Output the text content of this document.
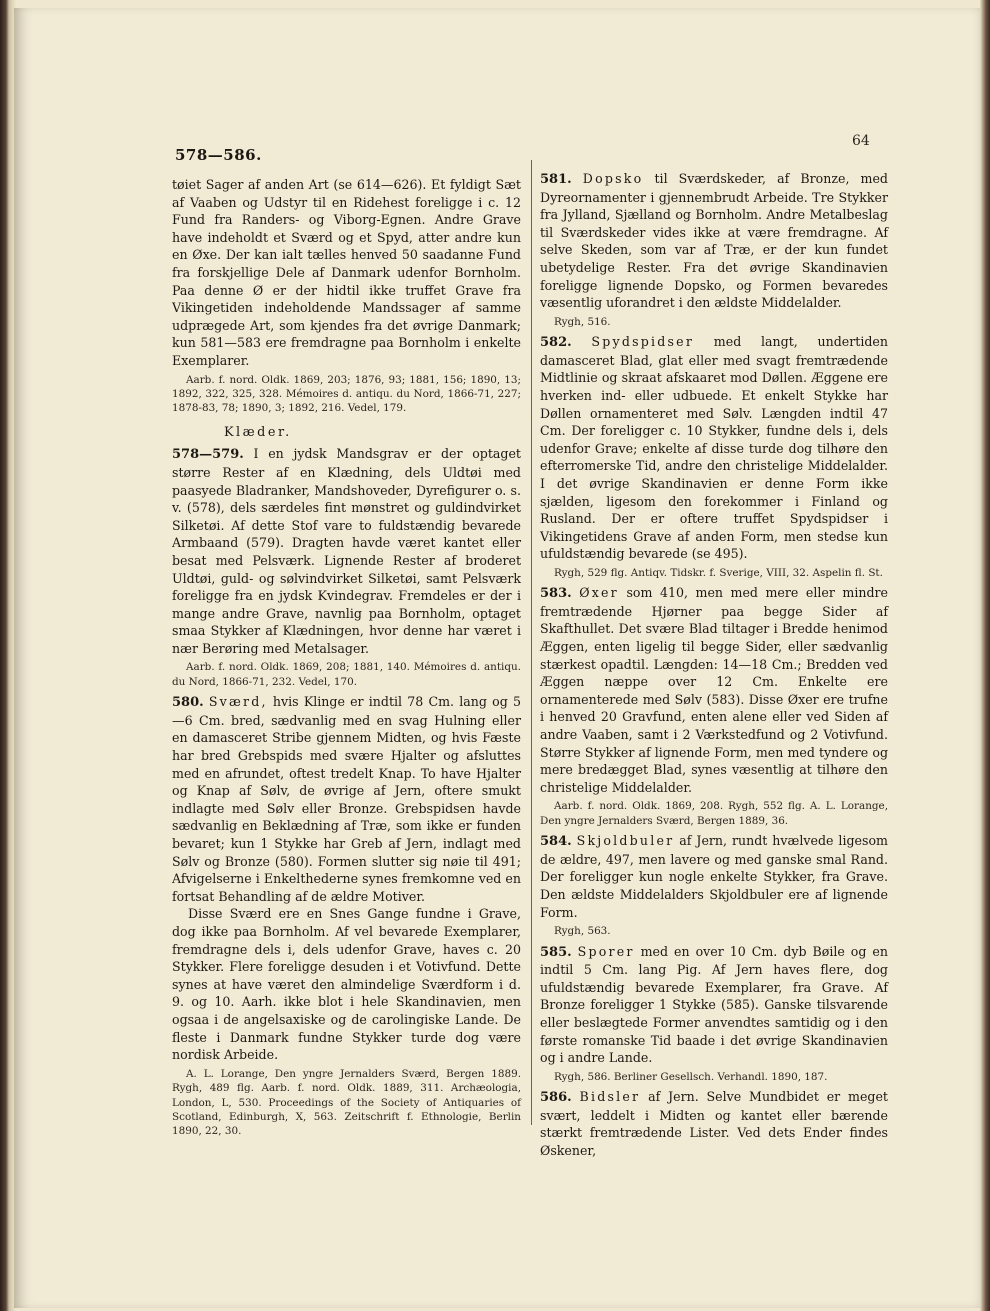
578—586.
64

tøiet Sager af anden Art (se 614—626). Et fyldigt Sæt af Vaaben og Udstyr til en Ridehest foreligge i c. 12 Fund fra Randers- og Viborg-Egnen. Andre Grave have indeholdt et Sværd og et Spyd, atter andre kun en Øxe. Der kan ialt tælles henved 50 saadanne Fund fra forskjellige Dele af Danmark udenfor Bornholm. Paa denne Ø er der hidtil ikke truffet Grave fra Vikingetiden indeholdende Mandssager af samme udprægede Art, som kjendes fra det øvrige Danmark; kun 581—583 ere fremdragne paa Bornholm i enkelte Exemplarer.

Aarb. f. nord. Oldk. 1869, 203; 1876, 93; 1881, 156; 1890, 13; 1892, 322, 325, 328. Mémoires d. antiqu. du Nord, 1866-71, 227; 1878-83, 78; 1890, 3; 1892, 216. Vedel, 179.

Klæder.

578—579. I en jydsk Mandsgrav er der optaget større Rester af en Klædning, dels Uldtøi med paasyede Bladranker, Mandshoveder, Dyrefigurer o. s. v. (578), dels særdeles fint mønstret og guldindvirket Silketøi. Af dette Stof vare to fuldstændig bevarede Armbaand (579). Dragten havde været kantet eller besat med Pelsværk. Lignende Rester af broderet Uldtøi, guld- og sølvindvirket Silketøi, samt Pelsværk foreligge fra en jydsk Kvindegrav. Fremdeles er der i mange andre Grave, navnlig paa Bornholm, optaget smaa Stykker af Klædningen, hvor denne har været i nær Berøring med Metalsager.

Aarb. f. nord. Oldk. 1869, 208; 1881, 140. Mémoires d. antiqu. du Nord, 1866-71, 232. Vedel, 170.

580. Sværd, hvis Klinge er indtil 78 Cm. lang og 5—6 Cm. bred, sædvanlig med en svag Hulning eller en damasceret Stribe gjennem Midten, og hvis Fæste har bred Grebspids med svære Hjalter og afsluttes med en afrundet, oftest tredelt Knap. To have Hjalter og Knap af Sølv, de øvrige af Jern, oftere smukt indlagte med Sølv eller Bronze. Grebspidsen havde sædvanlig en Beklædning af Træ, som ikke er funden bevaret; kun 1 Stykke har Greb af Jern, indlagt med Sølv og Bronze (580). Formen slutter sig nøie til 491; Afvigelserne i Enkelthederne synes fremkomne ved en fortsat Behandling af de ældre Motiver.

Disse Sværd ere en Snes Gange fundne i Grave, dog ikke paa Bornholm. Af vel bevarede Exemplarer, fremdragne dels i, dels udenfor Grave, haves c. 20 Stykker. Flere foreligge desuden i et Votivfund. Dette synes at have været den almindelige Sværdform i d. 9. og 10. Aarh. ikke blot i hele Skandinavien, men ogsaa i de angelsaxiske og de carolingiske Lande. De fleste i Danmark fundne Stykker turde dog være nordisk Arbeide.

A. L. Lorange, Den yngre Jernalders Sværd, Bergen 1889. Rygh, 489 flg. Aarb. f. nord. Oldk. 1889, 311. Archæologia, London, L, 530. Proceedings of the Society of Antiquaries of Scotland, Edinburgh, X, 563. Zeitschrift f. Ethnologie, Berlin 1890, 22, 30.

581. Dopsko til Sværdskeder, af Bronze, med Dyreornamenter i gjennembrudt Arbeide. Tre Stykker fra Jylland, Sjælland og Bornholm. Andre Metalbeslag til Sværdskeder vides ikke at være fremdragne. Af selve Skeden, som var af Træ, er der kun fundet ubetydelige Rester. Fra det øvrige Skandinavien foreligge lignende Dopsko, og Formen bevaredes væsentlig uforandret i den ældste Middelalder.

Rygh, 516.

582. Spydspidser med langt, undertiden damasceret Blad, glat eller med svagt fremtrædende Midtlinie og skraat afskaaret mod Døllen. Æggene ere hverken ind- eller udbuede. Et enkelt Stykke har Døllen ornamenteret med Sølv. Længden indtil 47 Cm. Der foreligger c. 10 Stykker, fundne dels i, dels udenfor Grave; enkelte af disse turde dog tilhøre den efterromerske Tid, andre den christelige Middelalder. I det øvrige Skandinavien er denne Form ikke sjælden, ligesom den forekommer i Finland og Rusland. Der er oftere truffet Spydspidser i Vikingetidens Grave af anden Form, men stedse kun ufuldstændig bevarede (se 495).

Rygh, 529 flg. Antiqv. Tidskr. f. Sverige, VIII, 32. Aspelin fl. St.

583. Øxer som 410, men med mere eller mindre fremtrædende Hjørner paa begge Sider af Skafthullet. Det svære Blad tiltager i Bredde henimod Æggen, enten ligelig til begge Sider, eller sædvanlig stærkest opadtil. Længden: 14—18 Cm.; Bredden ved Æggen næppe over 12 Cm. Enkelte ere ornamenterede med Sølv (583). Disse Øxer ere trufne i henved 20 Gravfund, enten alene eller ved Siden af andre Vaaben, samt i 2 Værkstedfund og 2 Votivfund. Større Stykker af lignende Form, men med tyndere og mere bredægget Blad, synes væsentlig at tilhøre den christelige Middelalder.

Aarb. f. nord. Oldk. 1869, 208. Rygh, 552 flg. A. L. Lorange, Den yngre Jernalders Sværd, Bergen 1889, 36.

584. Skjoldbuler af Jern, rundt hvælvede ligesom de ældre, 497, men lavere og med ganske smal Rand. Der foreligger kun nogle enkelte Stykker, fra Grave. Den ældste Middelalders Skjoldbuler ere af lignende Form.

Rygh, 563.

585. Sporer med en over 10 Cm. dyb Bøile og en indtil 5 Cm. lang Pig. Af Jern haves flere, dog ufuldstændig bevarede Exemplarer, fra Grave. Af Bronze foreligger 1 Stykke (585). Ganske tilsvarende eller beslægtede Former anvendtes samtidig og i den første romanske Tid baade i det øvrige Skandinavien og i andre Lande.

Rygh, 586. Berliner Gesellsch. Verhandl. 1890, 187.

586. Bidsler af Jern. Selve Mundbidet er meget svært, leddelt i Midten og kantet eller bærende stærkt fremtrædende Lister. Ved dets Ender findes Øskener,
